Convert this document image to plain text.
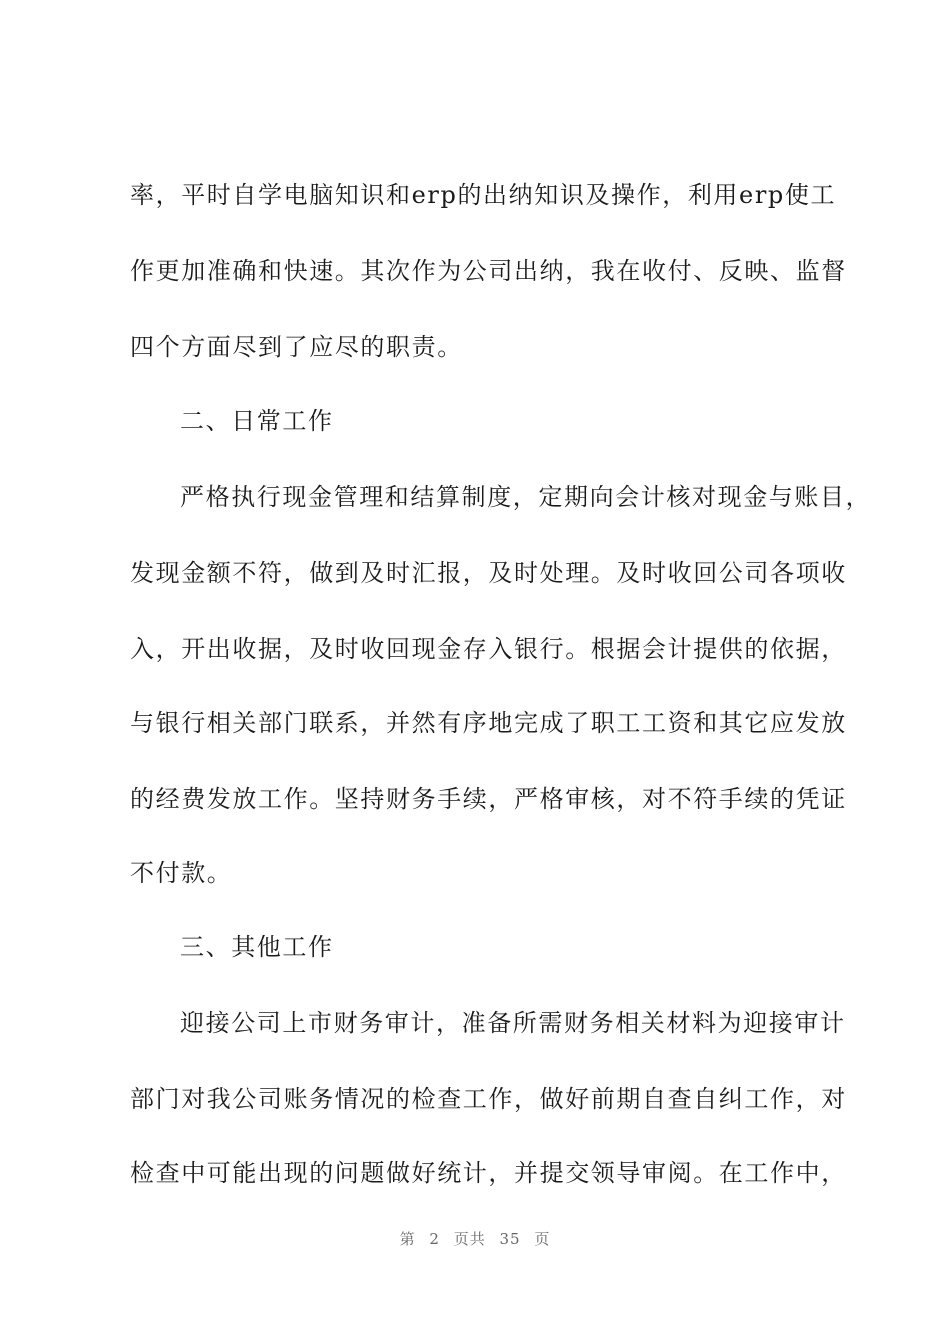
率，平时自学电脑知识和erp的出纳知识及操作，利用erp使工
作更加准确和快速。其次作为公司出纳，我在收付、反映、监督
四个方面尽到了应尽的职责。
二、日常工作
严格执行现金管理和结算制度，定期向会计核对现金与账目，
发现金额不符，做到及时汇报，及时处理。及时收回公司各项收
入，开出收据，及时收回现金存入银行。根据会计提供的依据，
与银行相关部门联系，并然有序地完成了职工工资和其它应发放
的经费发放工作。坚持财务手续，严格审核，对不符手续的凭证
不付款。
三、其他工作
迎接公司上市财务审计，准备所需财务相关材料为迎接审计
部门对我公司账务情况的检查工作，做好前期自查自纠工作，对
检查中可能出现的问题做好统计，并提交领导审阅。在工作中，
第 2 页共 35 页
